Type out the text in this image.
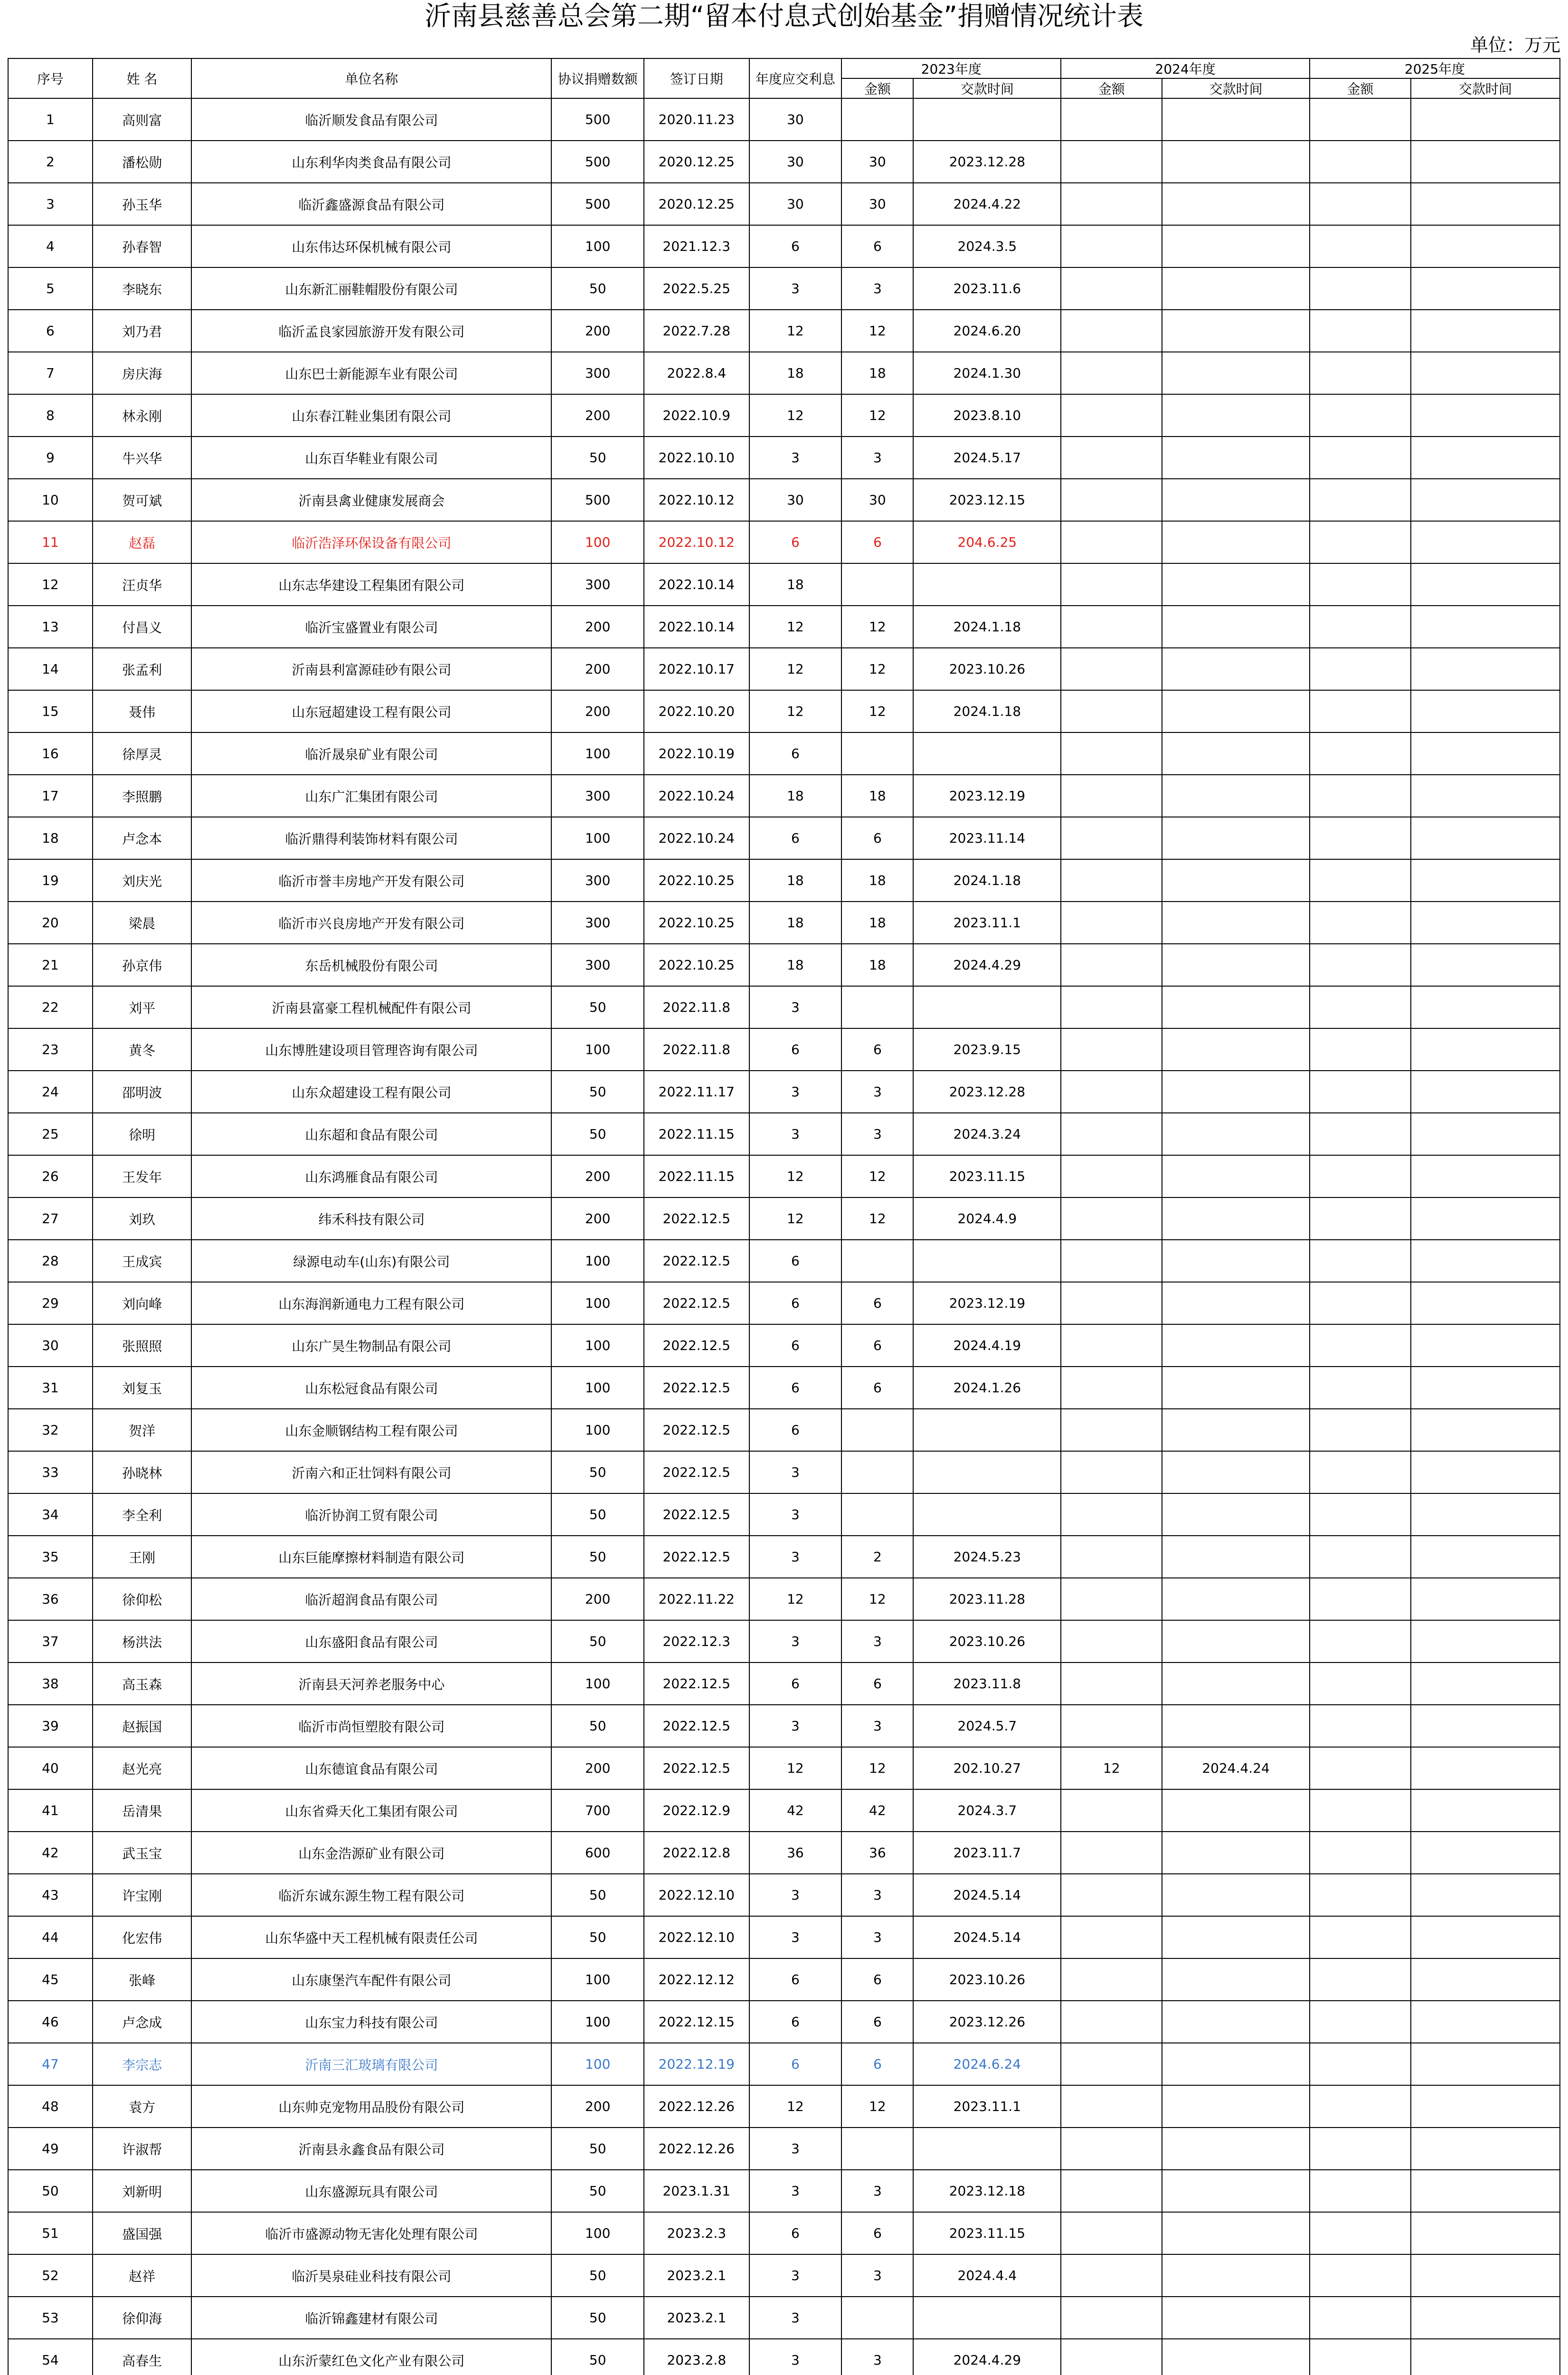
沂南县慈善总会第二期“留本付息式创始基金”捐赠情况统计表
单位：万元
序号	姓 名	单位名称	协议捐赠数额	签订日期	年度应交利息	2023年度		2024年度		2025年度	
						金额	交款时间	金额	交款时间	金额	交款时间
1	高则富	临沂顺发食品有限公司	500	2020.11.23	30						
2	潘松勋	山东利华肉类食品有限公司	500	2020.12.25	30	30	2023.12.28				
3	孙玉华	临沂鑫盛源食品有限公司	500	2020.12.25	30	30	2024.4.22				
4	孙春智	山东伟达环保机械有限公司	100	2021.12.3	6	6	2024.3.5				
5	李晓东	山东新汇丽鞋帽股份有限公司	50	2022.5.25	3	3	2023.11.6				
6	刘乃君	临沂孟良家园旅游开发有限公司	200	2022.7.28	12	12	2024.6.20				
7	房庆海	山东巴士新能源车业有限公司	300	2022.8.4	18	18	2024.1.30				
8	林永刚	山东春江鞋业集团有限公司	200	2022.10.9	12	12	2023.8.10				
9	牛兴华	山东百华鞋业有限公司	50	2022.10.10	3	3	2024.5.17				
10	贺可斌	沂南县禽业健康发展商会	500	2022.10.12	30	30	2023.12.15				
11	赵磊	临沂浩泽环保设备有限公司	100	2022.10.12	6	6	204.6.25				
12	汪贞华	山东志华建设工程集团有限公司	300	2022.10.14	18						
13	付昌义	临沂宝盛置业有限公司	200	2022.10.14	12	12	2024.1.18				
14	张孟利	沂南县利富源硅砂有限公司	200	2022.10.17	12	12	2023.10.26				
15	聂伟	山东冠超建设工程有限公司	200	2022.10.20	12	12	2024.1.18				
16	徐厚灵	临沂晟泉矿业有限公司	100	2022.10.19	6						
17	李照鹏	山东广汇集团有限公司	300	2022.10.24	18	18	2023.12.19				
18	卢念本	临沂鼎得利装饰材料有限公司	100	2022.10.24	6	6	2023.11.14				
19	刘庆光	临沂市誉丰房地产开发有限公司	300	2022.10.25	18	18	2024.1.18				
20	梁晨	临沂市兴良房地产开发有限公司	300	2022.10.25	18	18	2023.11.1				
21	孙京伟	东岳机械股份有限公司	300	2022.10.25	18	18	2024.4.29				
22	刘平	沂南县富豪工程机械配件有限公司	50	2022.11.8	3						
23	黄冬	山东博胜建设项目管理咨询有限公司	100	2022.11.8	6	6	2023.9.15				
24	邵明波	山东众超建设工程有限公司	50	2022.11.17	3	3	2023.12.28				
25	徐明	山东超和食品有限公司	50	2022.11.15	3	3	2024.3.24				
26	王发年	山东鸿雁食品有限公司	200	2022.11.15	12	12	2023.11.15				
27	刘玖	纬禾科技有限公司	200	2022.12.5	12	12	2024.4.9				
28	王成宾	绿源电动车(山东)有限公司	100	2022.12.5	6						
29	刘向峰	山东海润新通电力工程有限公司	100	2022.12.5	6	6	2023.12.19				
30	张照照	山东广昊生物制品有限公司	100	2022.12.5	6	6	2024.4.19				
31	刘复玉	山东松冠食品有限公司	100	2022.12.5	6	6	2024.1.26				
32	贺洋	山东金顺钢结构工程有限公司	100	2022.12.5	6						
33	孙晓林	沂南六和正壮饲料有限公司	50	2022.12.5	3						
34	李全利	临沂协润工贸有限公司	50	2022.12.5	3						
35	王刚	山东巨能摩擦材料制造有限公司	50	2022.12.5	3	2	2024.5.23				
36	徐仰松	临沂超润食品有限公司	200	2022.11.22	12	12	2023.11.28				
37	杨洪法	山东盛阳食品有限公司	50	2022.12.3	3	3	2023.10.26				
38	高玉森	沂南县天河养老服务中心	100	2022.12.5	6	6	2023.11.8				
39	赵振国	临沂市尚恒塑胶有限公司	50	2022.12.5	3	3	2024.5.7				
40	赵光亮	山东德谊食品有限公司	200	2022.12.5	12	12	202.10.27	12	2024.4.24		
41	岳清果	山东省舜天化工集团有限公司	700	2022.12.9	42	42	2024.3.7				
42	武玉宝	山东金浩源矿业有限公司	600	2022.12.8	36	36	2023.11.7				
43	许宝刚	临沂东诚东源生物工程有限公司	50	2022.12.10	3	3	2024.5.14				
44	化宏伟	山东华盛中天工程机械有限责任公司	50	2022.12.10	3	3	2024.5.14				
45	张峰	山东康堡汽车配件有限公司	100	2022.12.12	6	6	2023.10.26				
46	卢念成	山东宝力科技有限公司	100	2022.12.15	6	6	2023.12.26				
47	李宗志	沂南三汇玻璃有限公司	100	2022.12.19	6	6	2024.6.24				
48	袁方	山东帅克宠物用品股份有限公司	200	2022.12.26	12	12	2023.11.1				
49	许淑帮	沂南县永鑫食品有限公司	50	2022.12.26	3						
50	刘新明	山东盛源玩具有限公司	50	2023.1.31	3	3	2023.12.18				
51	盛国强	临沂市盛源动物无害化处理有限公司	100	2023.2.3	6	6	2023.11.15				
52	赵祥	临沂昊泉硅业科技有限公司	50	2023.2.1	3	3	2024.4.4				
53	徐仰海	临沂锦鑫建材有限公司	50	2023.2.1	3						
54	高春生	山东沂蒙红色文化产业有限公司	50	2023.2.8	3	3	2024.4.29				
